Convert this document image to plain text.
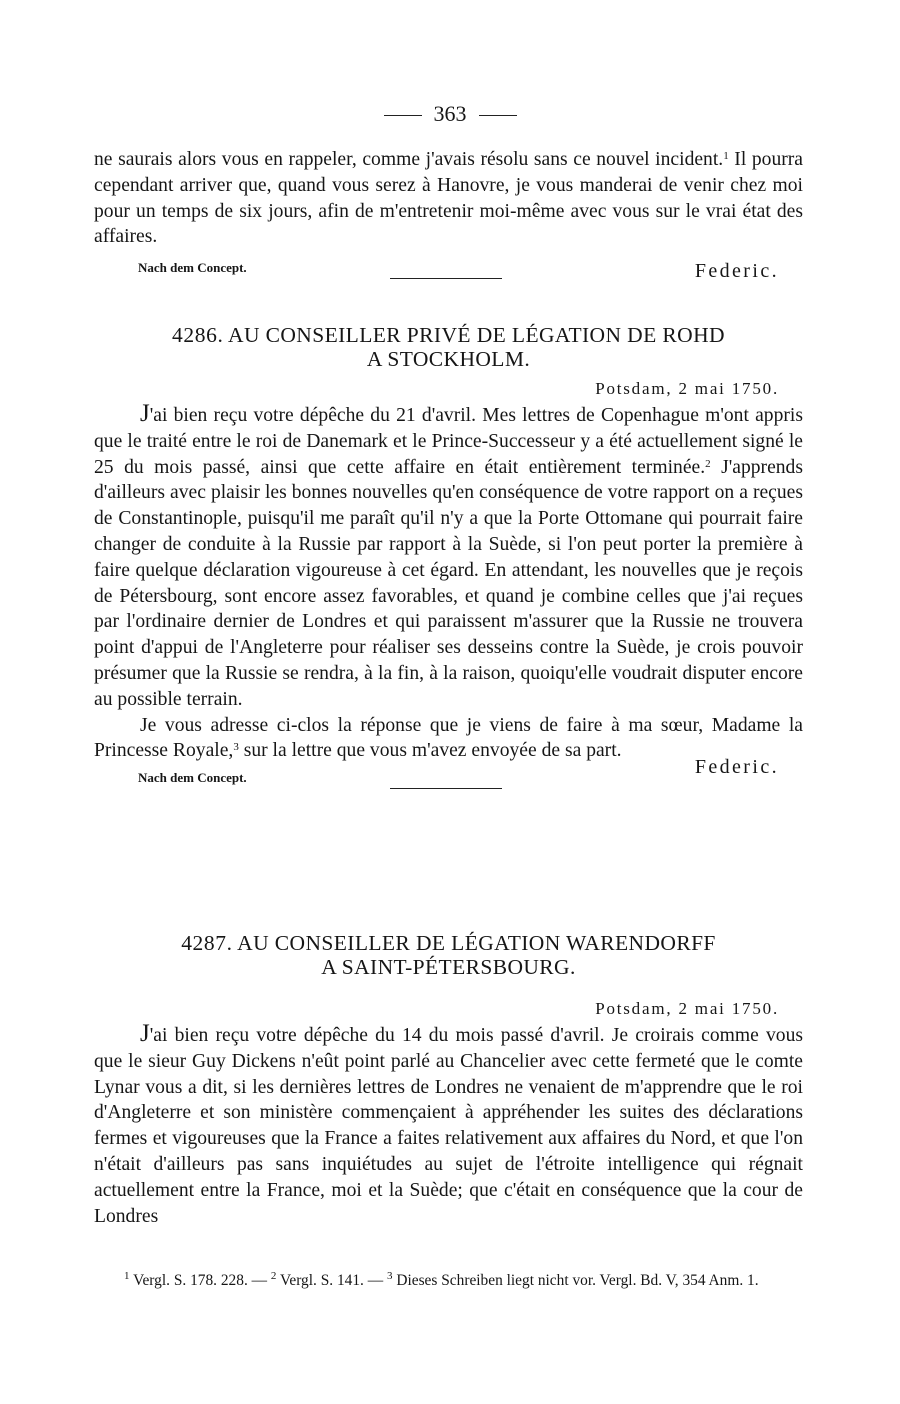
363

ne saurais alors vous en rappeler, comme j'avais résolu sans ce nouvel incident.$^1$ Il pourra cependant arriver que, quand vous serez à Hanovre, je vous manderai de venir chez moi pour un temps de six jours, afin de m'entretenir moi-même avec vous sur le vrai état des affaires.

Nach dem Concept.	Federic.
4286. AU CONSEILLER PRIVÉ DE LÉGATION DE ROHD
A STOCKHOLM.
Potsdam, 2 mai 1750.

J'ai bien reçu votre dépêche du 21 d'avril. Mes lettres de Copenhague m'ont appris que le traité entre le roi de Danemark et le Prince-Successeur y a été actuellement signé le 25 du mois passé, ainsi que cette affaire en était entièrement terminée.$^2$ J'apprends d'ailleurs avec plaisir les bonnes nouvelles qu'en conséquence de votre rapport on a reçues de Constantinople, puisqu'il me paraît qu'il n'y a que la Porte Ottomane qui pourrait faire changer de conduite à la Russie par rapport à la Suède, si l'on peut porter la première à faire quelque déclaration vigoureuse à cet égard. En attendant, les nouvelles que je reçois de Pétersbourg, sont encore assez favorables, et quand je combine celles que j'ai reçues par l'ordinaire dernier de Londres et qui paraissent m'assurer que la Russie ne trouvera point d'appui de l'Angleterre pour réaliser ses desseins contre la Suède, je crois pouvoir présumer que la Russie se rendra, à la fin, à la raison, quoiqu'elle voudrait disputer encore au possible terrain.

Je vous adresse ci-clos la réponse que je viens de faire à ma sœur, Madame la Princesse Royale,$^3$ sur la lettre que vous m'avez envoyée de sa part.

Nach dem Concept.	Federic.
4287. AU CONSEILLER DE LÉGATION WARENDORFF
A SAINT-PÉTERSBOURG.
Potsdam, 2 mai 1750.

J'ai bien reçu votre dépêche du 14 du mois passé d'avril. Je croirais comme vous que le sieur Guy Dickens n'eût point parlé au Chancelier avec cette fermeté que le comte Lynar vous a dit, si les dernières lettres de Londres ne venaient de m'apprendre que le roi d'Angleterre et son ministère commençaient à appréhender les suites des déclarations fermes et vigoureuses que la France a faites relativement aux affaires du Nord, et que l'on n'était d'ailleurs pas sans inquiétudes au sujet de l'étroite intelligence qui régnait actuellement entre la France, moi et la Suède; que c'était en conséquence que la cour de Londres

$^1$ Vergl. S. 178. 228. — $^2$ Vergl. S. 141. — $^3$ Dieses Schreiben liegt nicht vor. Vergl. Bd. V, 354 Anm. 1.
